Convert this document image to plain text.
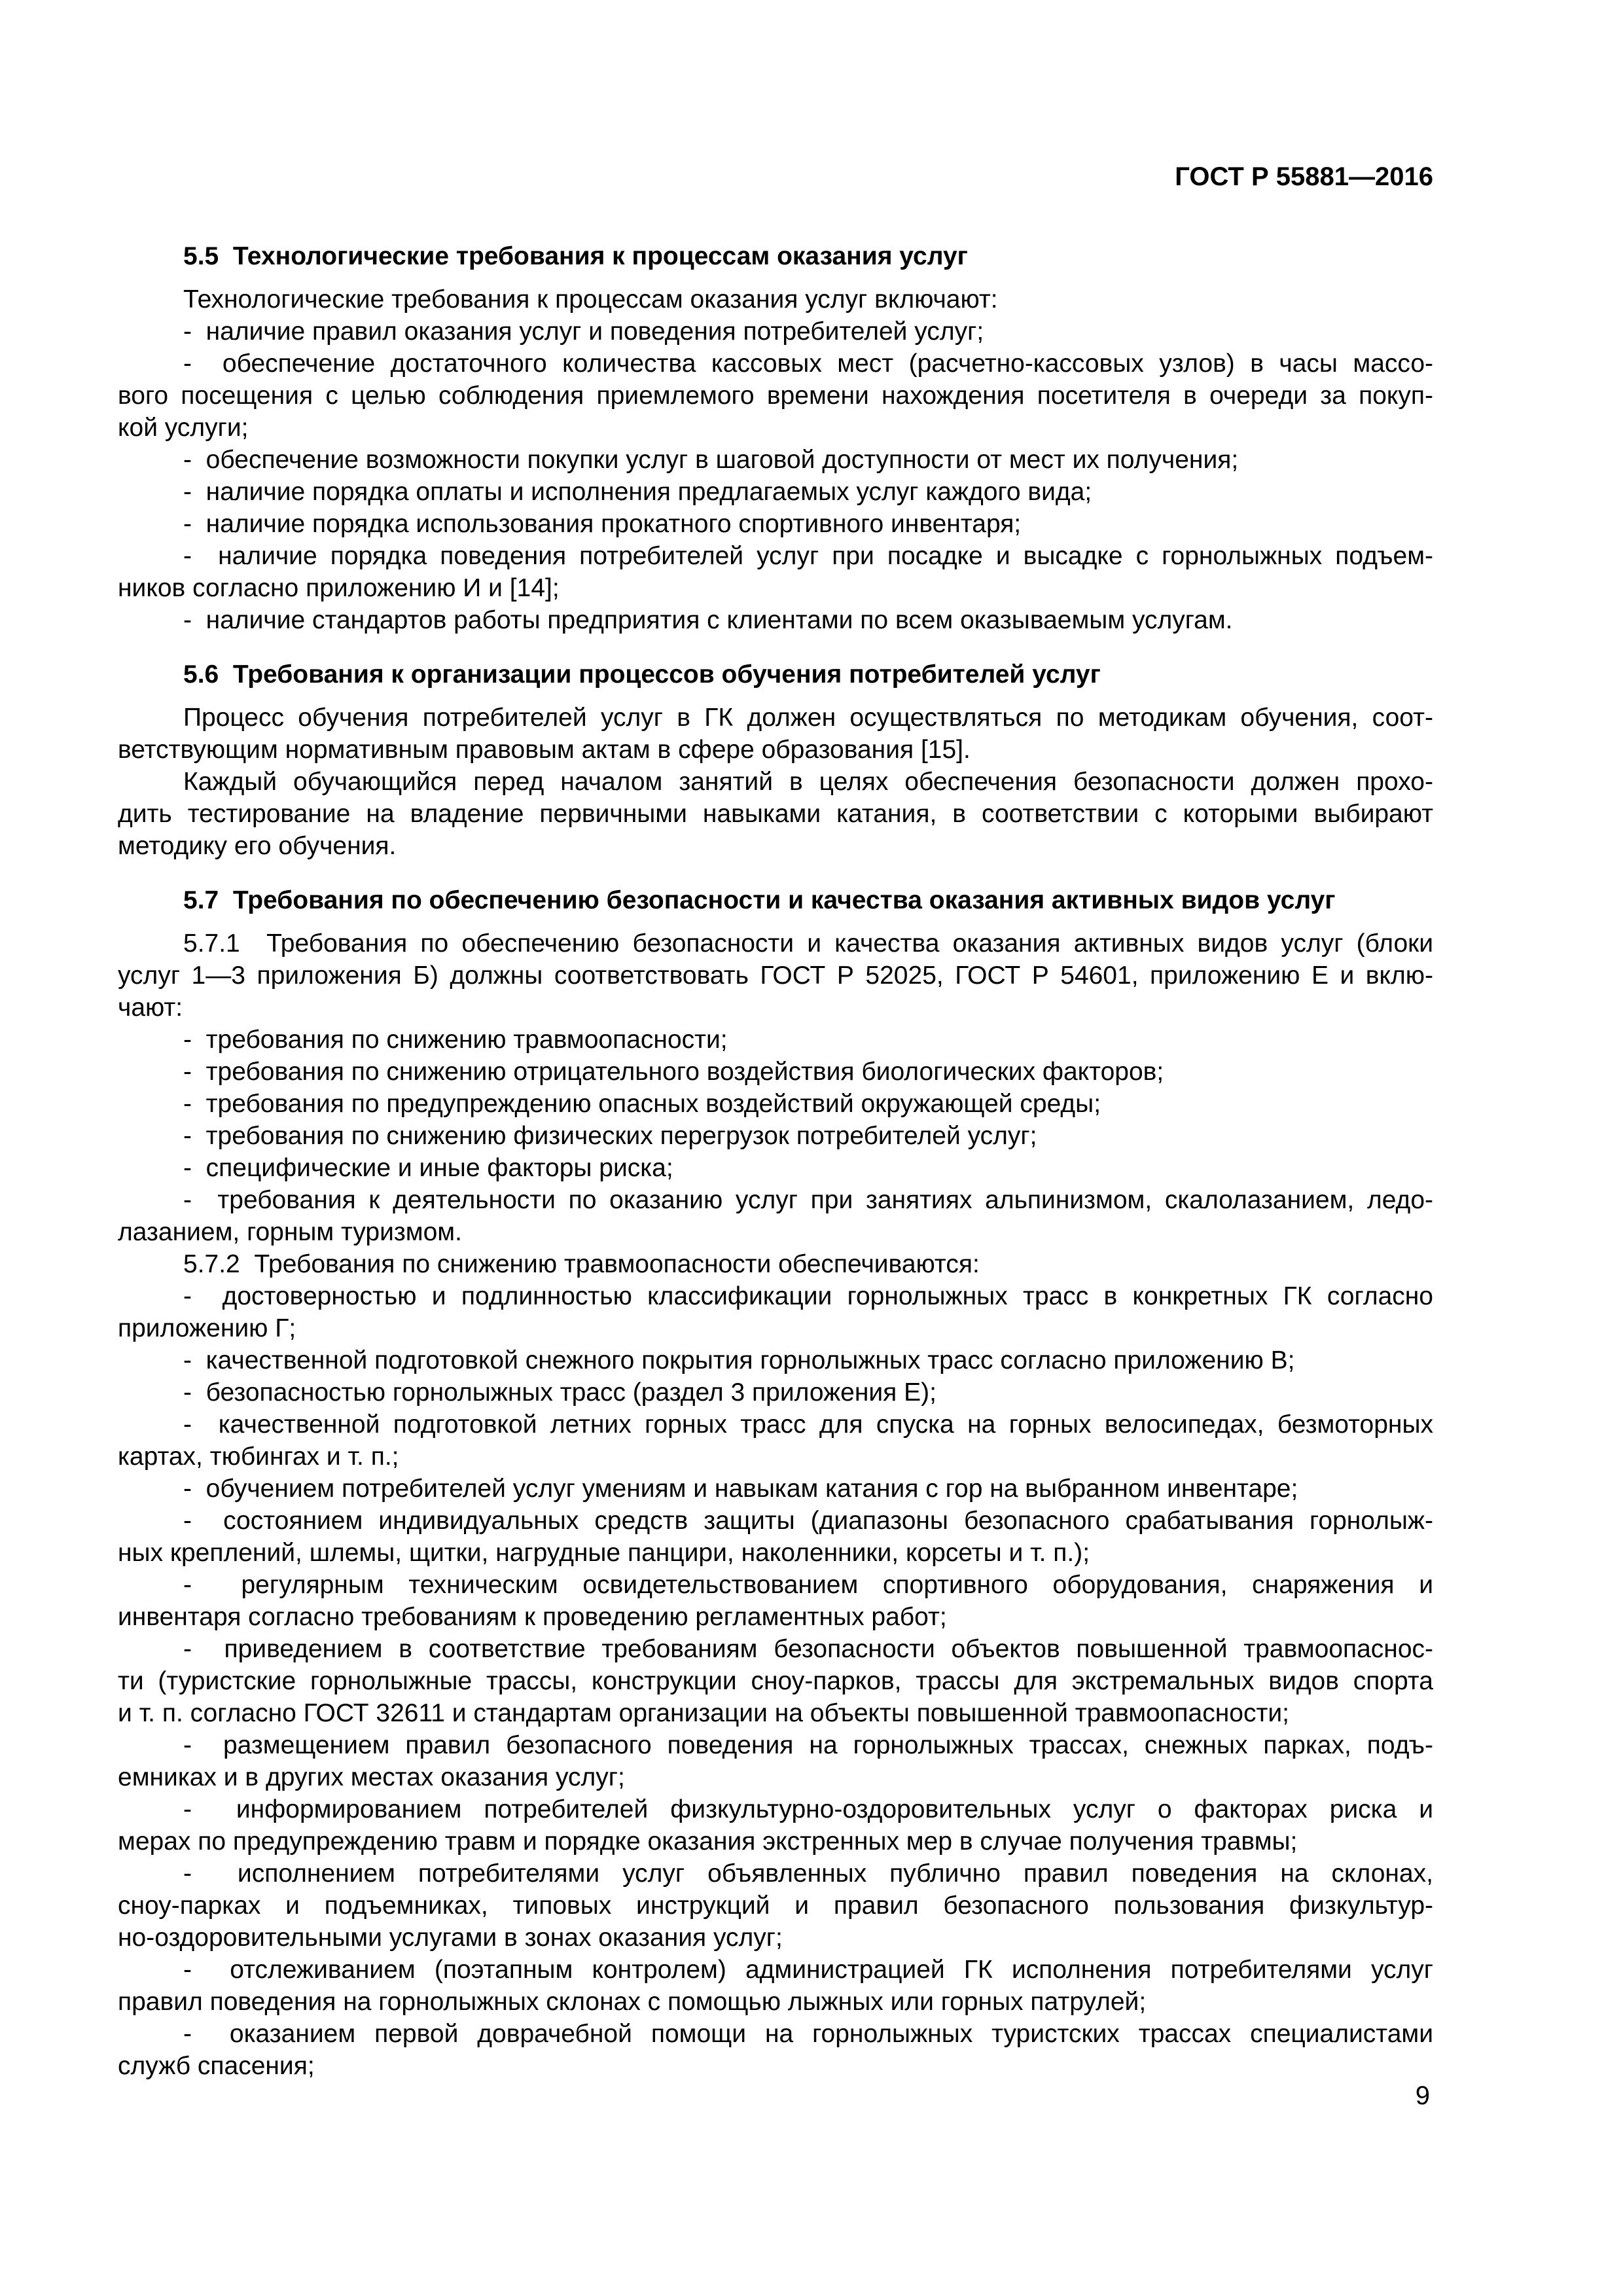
ГОСТ Р 55881—2016
5.5  Технологические требования к процессам оказания услуг
Технологические требования к процессам оказания услуг включают:
-  наличие правил оказания услуг и поведения потребителей услуг;
-  обеспечение достаточного количества кассовых мест (расчетно-кассовых узлов) в часы массо-
вого посещения с целью соблюдения приемлемого времени нахождения посетителя в очереди за покуп-
кой услуги;
-  обеспечение возможности покупки услуг в шаговой доступности от мест их получения;
-  наличие порядка оплаты и исполнения предлагаемых услуг каждого вида;
-  наличие порядка использования прокатного спортивного инвентаря;
-  наличие порядка поведения потребителей услуг при посадке и высадке с горнолыжных подъем-
ников согласно приложению И и [14];
-  наличие стандартов работы предприятия с клиентами по всем оказываемым услугам.
5.6  Требования к организации процессов обучения потребителей услуг
Процесс обучения потребителей услуг в ГК должен осуществляться по методикам обучения, соот-
ветствующим нормативным правовым актам в сфере образования [15].
Каждый обучающийся перед началом занятий в целях обеспечения безопасности должен прохо-
дить тестирование на владение первичными навыками катания, в соответствии с которыми выбирают
методику его обучения.
5.7  Требования по обеспечению безопасности и качества оказания активных видов услуг
5.7.1  Требования по обеспечению безопасности и качества оказания активных видов услуг (блоки
услуг 1—3 приложения Б) должны соответствовать ГОСТ Р 52025, ГОСТ Р 54601, приложению Е и вклю-
чают:
-  требования по снижению травмоопасности;
-  требования по снижению отрицательного воздействия биологических факторов;
-  требования по предупреждению опасных воздействий окружающей среды;
-  требования по снижению физических перегрузок потребителей услуг;
-  специфические и иные факторы риска;
-  требования к деятельности по оказанию услуг при занятиях альпинизмом, скалолазанием, ледо-
лазанием, горным туризмом.
5.7.2  Требования по снижению травмоопасности обеспечиваются:
-  достоверностью и подлинностью классификации горнолыжных трасс в конкретных ГК согласно
приложению Г;
-  качественной подготовкой снежного покрытия горнолыжных трасс согласно приложению В;
-  безопасностью горнолыжных трасс (раздел 3 приложения Е);
-  качественной подготовкой летних горных трасс для спуска на горных велосипедах, безмоторных
картах, тюбингах и т. п.;
-  обучением потребителей услуг умениям и навыкам катания с гор на выбранном инвентаре;
-  состоянием индивидуальных средств защиты (диапазоны безопасного срабатывания горнолыж-
ных креплений, шлемы, щитки, нагрудные панцири, наколенники, корсеты и т. п.);
-  регулярным техническим освидетельствованием спортивного оборудования, снаряжения и
инвентаря согласно требованиям к проведению регламентных работ;
-  приведением в соответствие требованиям безопасности объектов повышенной травмоопаснос-
ти (туристские горнолыжные трассы, конструкции сноу-парков, трассы для экстремальных видов спорта
и т. п. согласно ГОСТ 32611 и стандартам организации на объекты повышенной травмоопасности;
-  размещением правил безопасного поведения на горнолыжных трассах, снежных парках, подъ-
емниках и в других местах оказания услуг;
-  информированием потребителей физкультурно-оздоровительных услуг о факторах риска и
мерах по предупреждению травм и порядке оказания экстренных мер в случае получения травмы;
-  исполнением потребителями услуг объявленных публично правил поведения на склонах,
сноу-парках и подъемниках, типовых инструкций и правил безопасного пользования физкультур-
но-оздоровительными услугами в зонах оказания услуг;
-  отслеживанием (поэтапным контролем) администрацией ГК исполнения потребителями услуг
правил поведения на горнолыжных склонах с помощью лыжных или горных патрулей;
-  оказанием первой доврачебной помощи на горнолыжных туристских трассах специалистами
служб спасения;
9
